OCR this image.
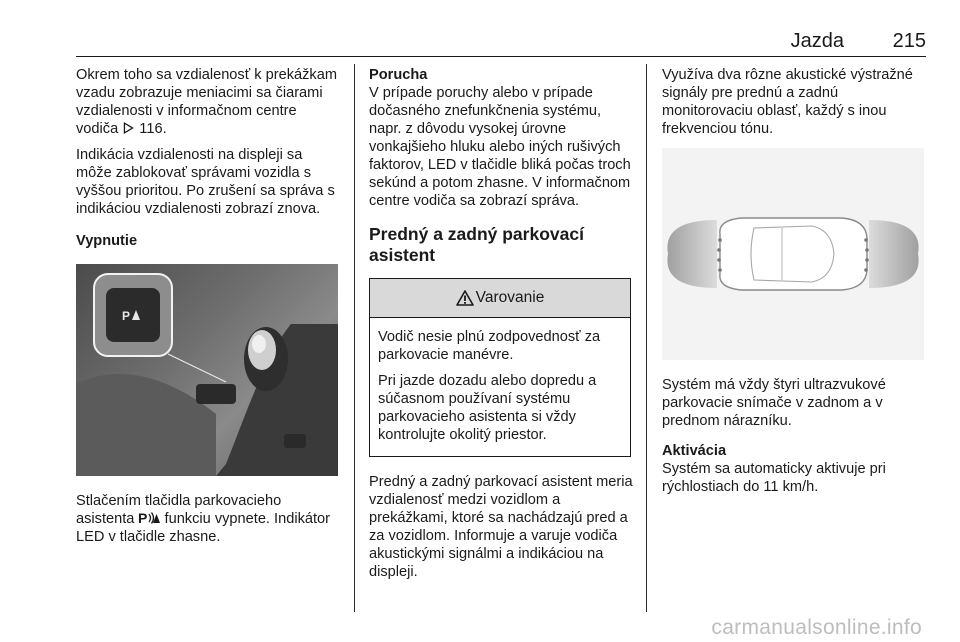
Jazda 215

Okrem toho sa vzdialenosť k prekážkam vzadu zobrazuje meniacimi sa čiarami vzdialenosti v informačnom centre vodiča  116.

Indikácia vzdialenosti na displeji sa môže zablokovať správami vozidla s vyššou prioritou. Po zrušení sa správa s indikáciou vzdialenosti zobrazí znova.

Vypnutie

P

Stlačením tlačidla parkovacieho asistenta P funkciu vypnete. Indikátor LED v tlačidle zhasne.

Porucha

V prípade poruchy alebo v prípade dočasného znefunkčnenia systému, napr. z dôvodu vysokej úrovne vonkajšieho hluku alebo iných rušivých faktorov, LED v tlačidle bliká počas troch sekúnd a potom zhasne. V informačnom centre vodiča sa zobrazí správa.

Predný a zadný parkovací asistent

Varovanie

Vodič nesie plnú zodpovednosť za parkovacie manévre.

Pri jazde dozadu alebo dopredu a súčasnom používaní systému parkovacieho asistenta si vždy kontrolujte okolitý priestor.

Predný a zadný parkovací asistent meria vzdialenosť medzi vozidlom a prekážkami, ktoré sa nachádzajú pred a za vozidlom. Informuje a varuje vodiča akustickými signálmi a indikáciou na displeji.

Využíva dva rôzne akustické výstražné signály pre prednú a zadnú monitorovaciu oblasť, každý s inou frekvenciou tónu.

Systém má vždy štyri ultrazvukové parkovacie snímače v zadnom a v prednom nárazníku.

Aktivácia

Systém sa automaticky aktivuje pri rýchlostiach do 11 km/h.

carmanualsonline.info
